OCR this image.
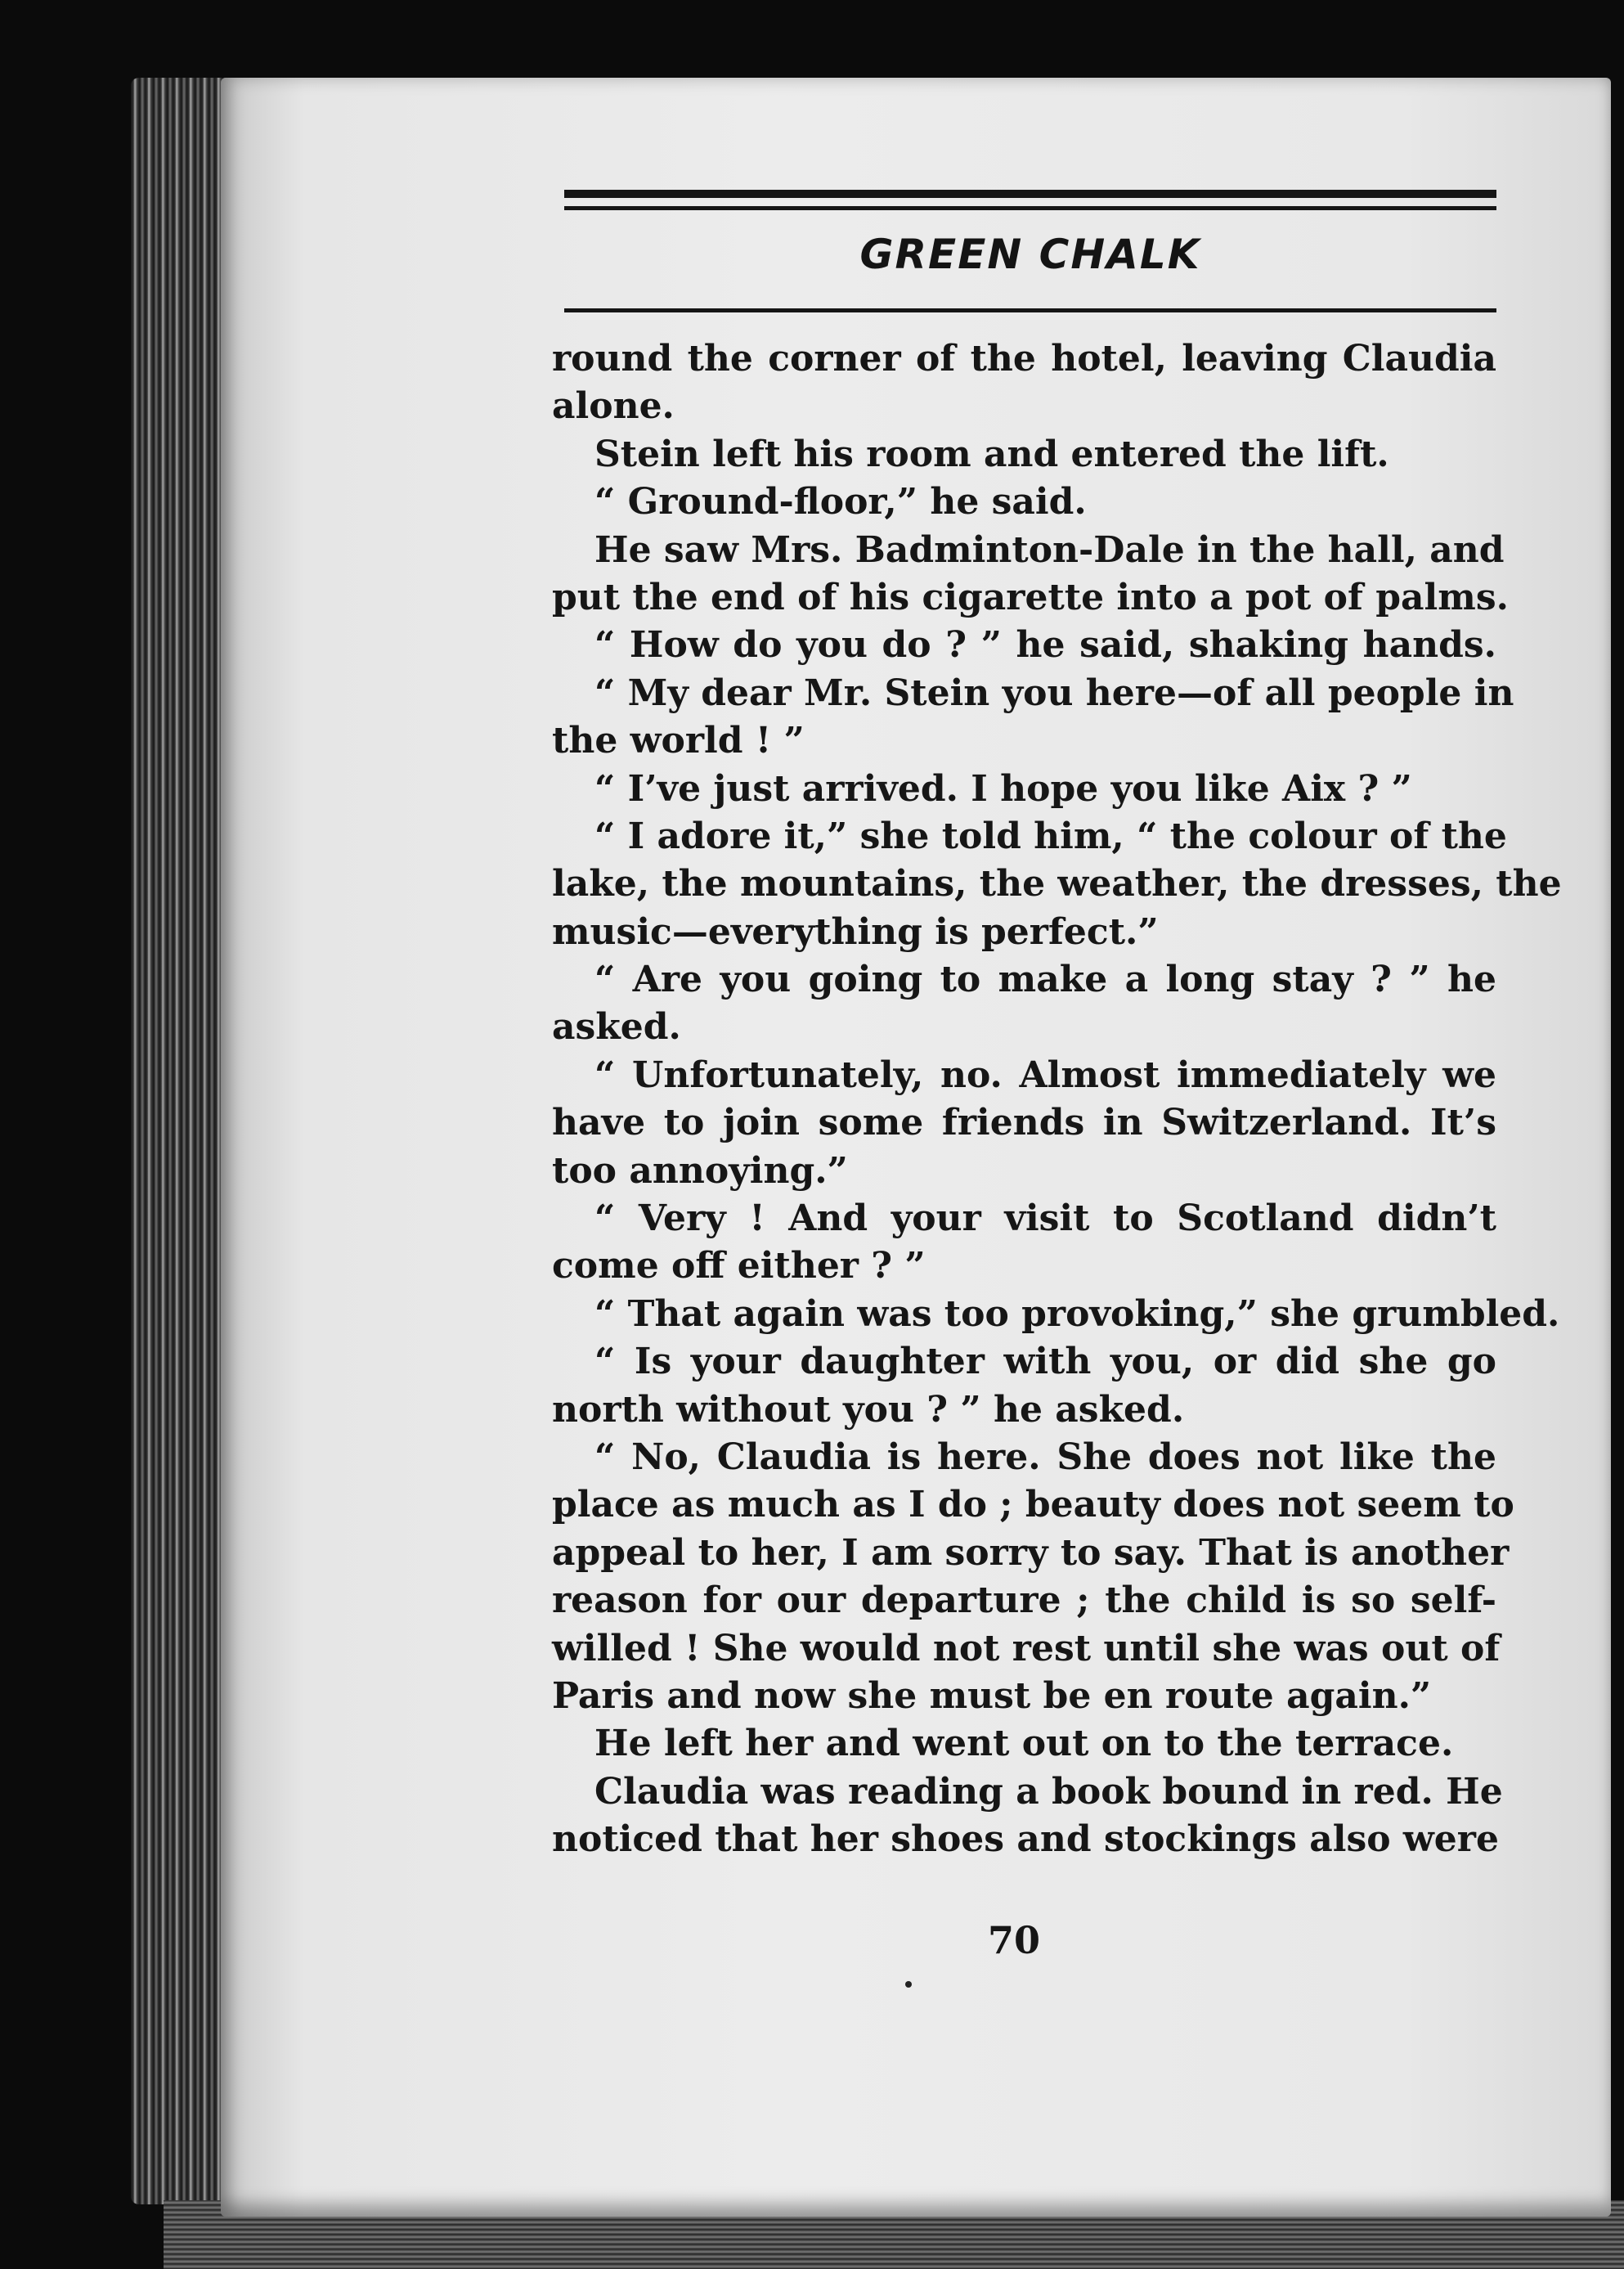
GREEN CHALK
round the corner of the hotel, leaving Claudia
alone.
Stein left his room and entered the lift.
“ Ground-floor,” he said.
He saw Mrs. Badminton-Dale in the hall, and
put the end of his cigarette into a pot of palms.
“ How do you do ? ” he said, shaking hands.
“ My dear Mr. Stein you here—of all people in
the world ! ”
“ I’ve just arrived. I hope you like Aix ? ”
“ I adore it,” she told him, “ the colour of the
lake, the mountains, the weather, the dresses, the
music—everything is perfect.”
“ Are you going to make a long stay ? ” he
asked.
“ Unfortunately, no. Almost immediately we
have to join some friends in Switzerland. It’s
too annoying.”
“ Very ! And your visit to Scotland didn’t
come off either ? ”
“ That again was too provoking,” she grumbled.
“ Is your daughter with you, or did she go
north without you ? ” he asked.
“ No, Claudia is here. She does not like the
place as much as I do ; beauty does not seem to
appeal to her, I am sorry to say. That is another
reason for our departure ; the child is so self-
willed ! She would not rest until she was out of
Paris and now she must be en route again.”
He left her and went out on to the terrace.
Claudia was reading a book bound in red. He
noticed that her shoes and stockings also were
70
